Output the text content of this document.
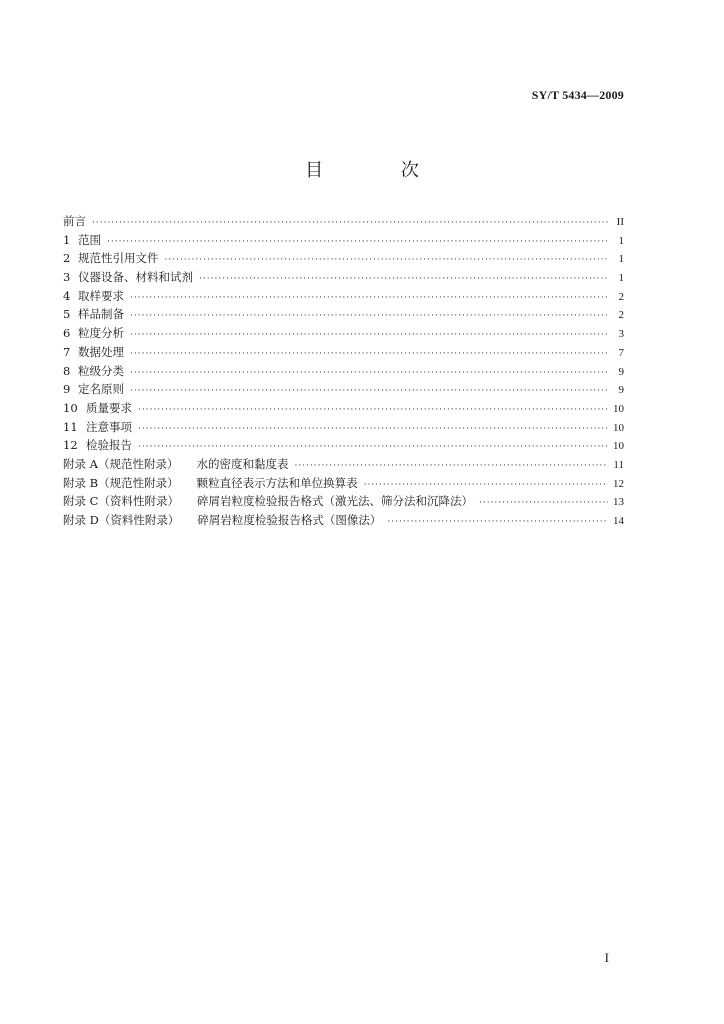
SY/T 5434—2009
目 次
前言 ·····	II
1 范围 ·····	1
2 规范性引用文件 ·····	1
3 仪器设备、材料和试剂 ·····	1
4 取样要求 ·····	2
5 样品制备 ·····	2
6 粒度分析 ·····	3
7 数据处理 ·····	7
8 粒级分类 ·····	9
9 定名原则 ·····	9
10 质量要求 ·····	10
11 注意事项 ·····	10
12 检验报告 ·····	10
附录 A（规范性附录） 水的密度和黏度表 ·····	11
附录 B（规范性附录） 颗粒直径表示方法和单位换算表 ·····	12
附录 C（资料性附录） 碎屑岩粒度检验报告格式（激光法、筛分法和沉降法） ·····	13
附录 D（资料性附录） 碎屑岩粒度检验报告格式（图像法） ·····	14
I
